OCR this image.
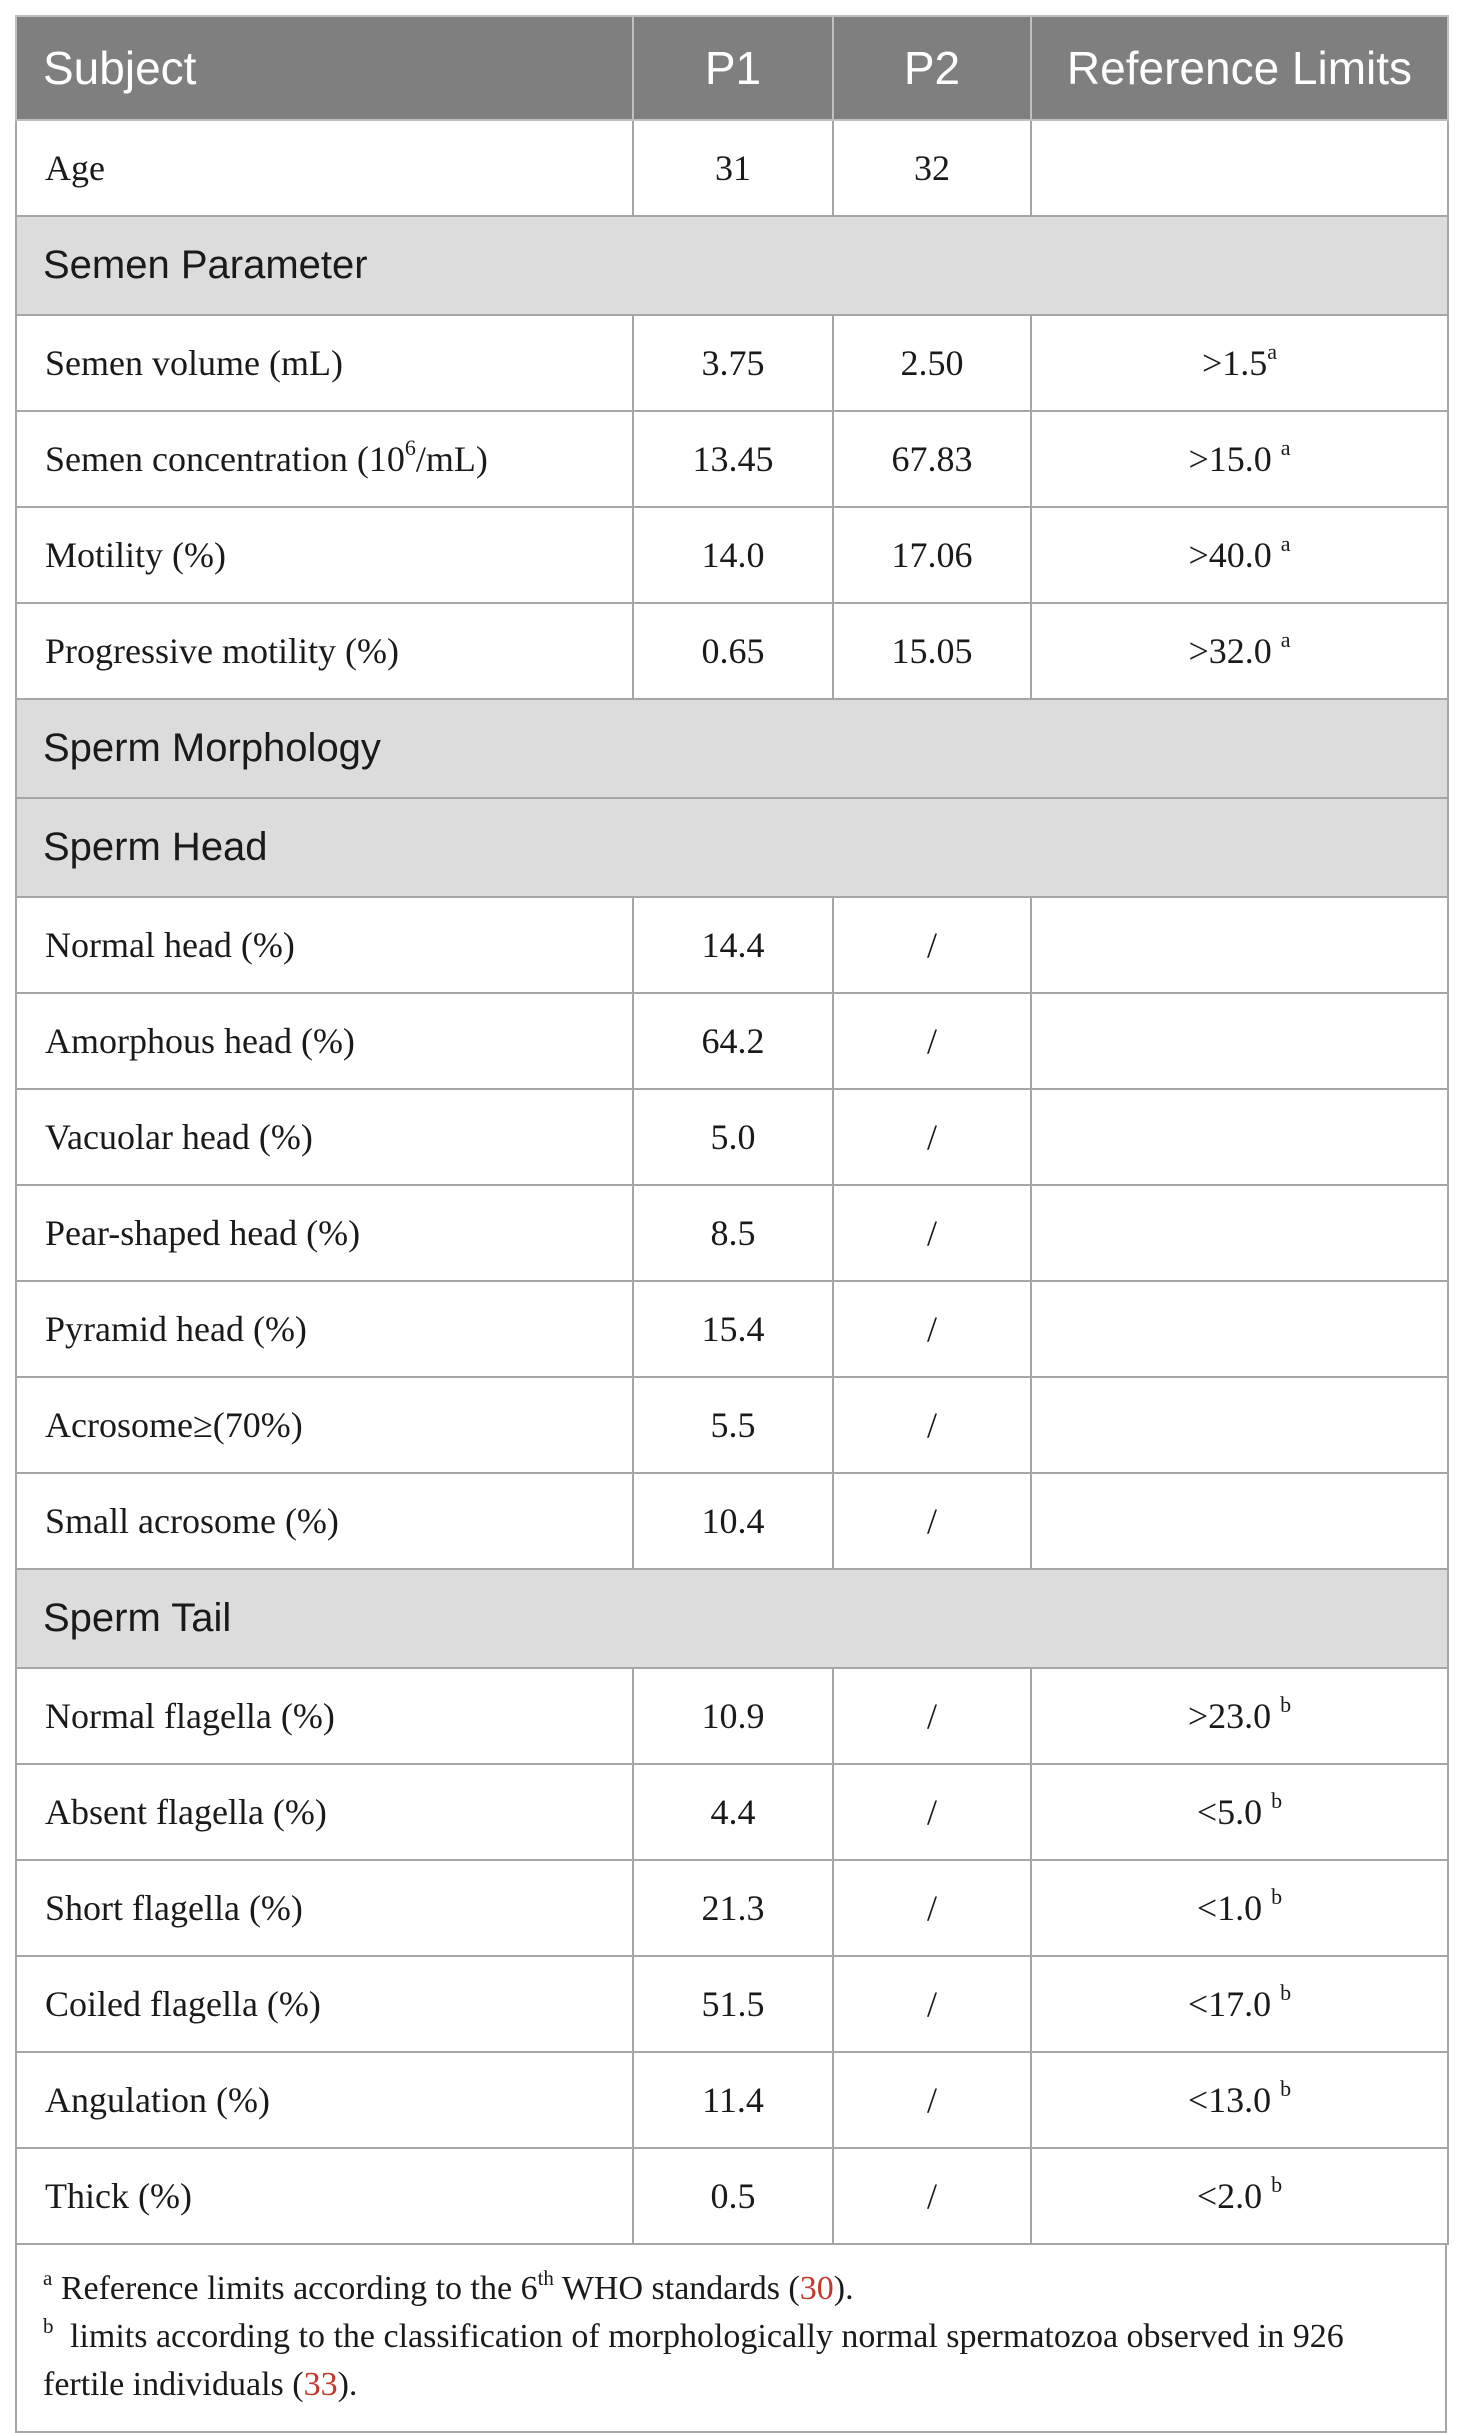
Subject	P1	P2	Reference Limits
Age	31	32	
Semen Parameter			
Semen volume (mL)	3.75	2.50	>1.5$^a$
Semen concentration $(10^6/mL)$	13.45	67.83	>15.0 $^a$
Motility (%)	14.0	17.06	>40.0 $^a$
Progressive motility (%)	0.65	15.05	>32.0 $^a$
Sperm Morphology			
Sperm Head			
Normal head (%)	14.4	/	
Amorphous head (%)	64.2	/	
Vacuolar head (%)	5.0	/	
Pear-shaped head (%)	8.5	/	
Pyramid head (%)	15.4	/	
Acrosome≥(70%)	5.5	/	
Small acrosome (%)	10.4	/	
Sperm Tail			
Normal flagella (%)	10.9	/	>23.0 $^b$
Absent flagella (%)	4.4	/	<5.0 $^b$
Short flagella (%)	21.3	/	<1.0 $^b$
Coiled flagella (%)	51.5	/	<17.0 $^b$
Angulation (%)	11.4	/	<13.0 $^b$
Thick (%)	0.5	/	<2.0 $^b$
$^a$ Reference limits according to the 6th WHO standards (30).
$^b$ limits according to the classification of morphologically normal spermatozoa observed in 926 fertile individuals (33).
